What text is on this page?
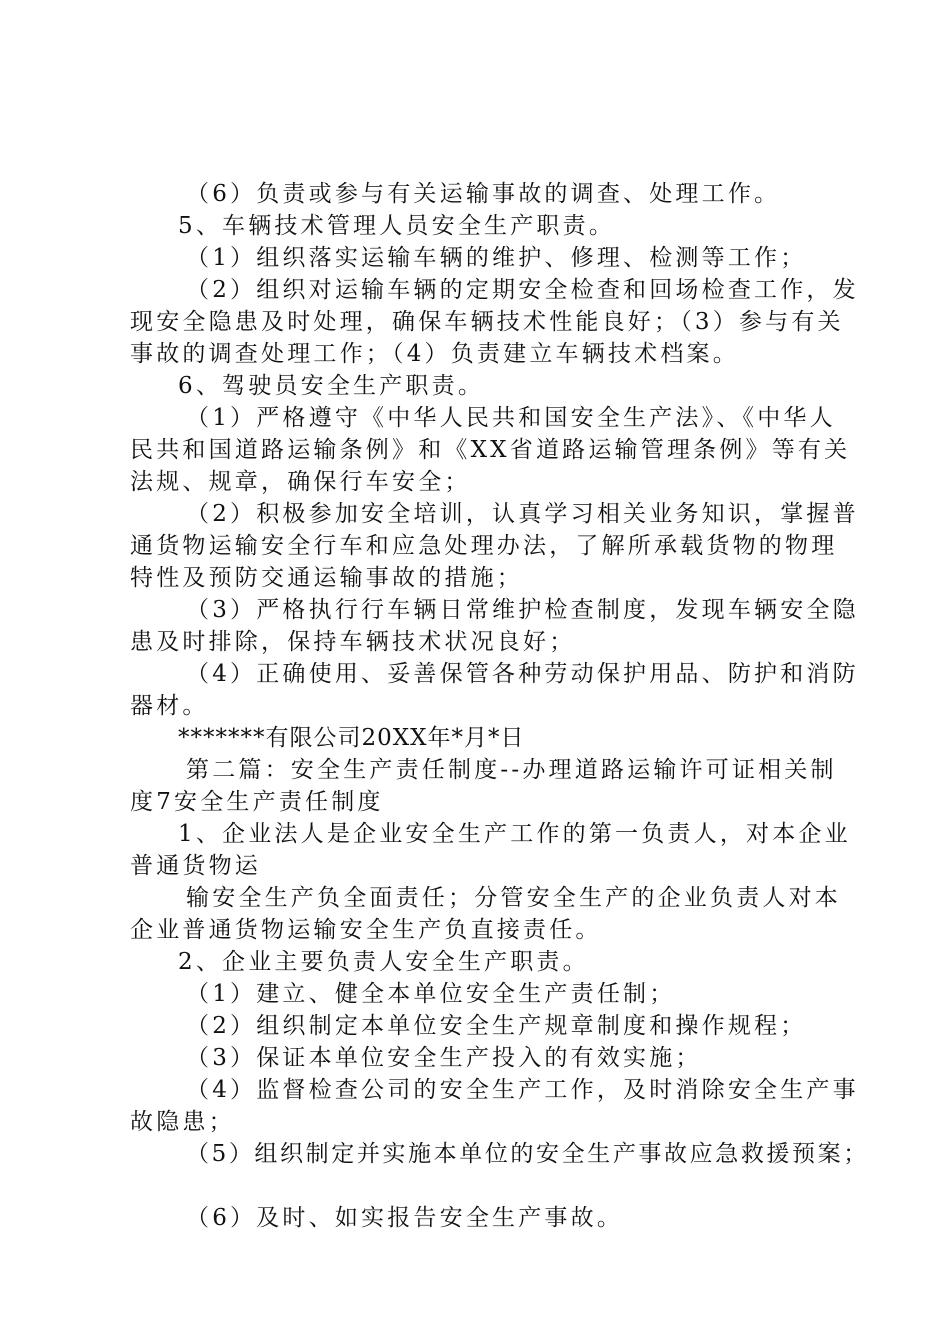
（6）负责或参与有关运输事故的调查、处理工作。
5、车辆技术管理人员安全生产职责。
（1）组织落实运输车辆的维护、修理、检测等工作；
（2）组织对运输车辆的定期安全检查和回场检查工作，发
现安全隐患及时处理，确保车辆技术性能良好；（3）参与有关
事故的调查处理工作；（4）负责建立车辆技术档案。
6、驾驶员安全生产职责。
（1）严格遵守《中华人民共和国安全生产法》、《中华人
民共和国道路运输条例》和《XX省道路运输管理条例》等有关
法规、规章，确保行车安全；
（2）积极参加安全培训，认真学习相关业务知识，掌握普
通货物运输安全行车和应急处理办法，了解所承载货物的物理
特性及预防交通运输事故的措施；
（3）严格执行行车辆日常维护检查制度，发现车辆安全隐
患及时排除，保持车辆技术状况良好；
（4）正确使用、妥善保管各种劳动保护用品、防护和消防
器材。
*******有限公司20XX年*月*日
第二篇：安全生产责任制度--办理道路运输许可证相关制
度7安全生产责任制度
1、企业法人是企业安全生产工作的第一负责人，对本企业
普通货物运
输安全生产负全面责任；分管安全生产的企业负责人对本
企业普通货物运输安全生产负直接责任。
2、企业主要负责人安全生产职责。
（1）建立、健全本单位安全生产责任制；
（2）组织制定本单位安全生产规章制度和操作规程；
（3）保证本单位安全生产投入的有效实施；
（4）监督检查公司的安全生产工作，及时消除安全生产事
故隐患；
（5）组织制定并实施本单位的安全生产事故应急救援预案；
（6）及时、如实报告安全生产事故。
